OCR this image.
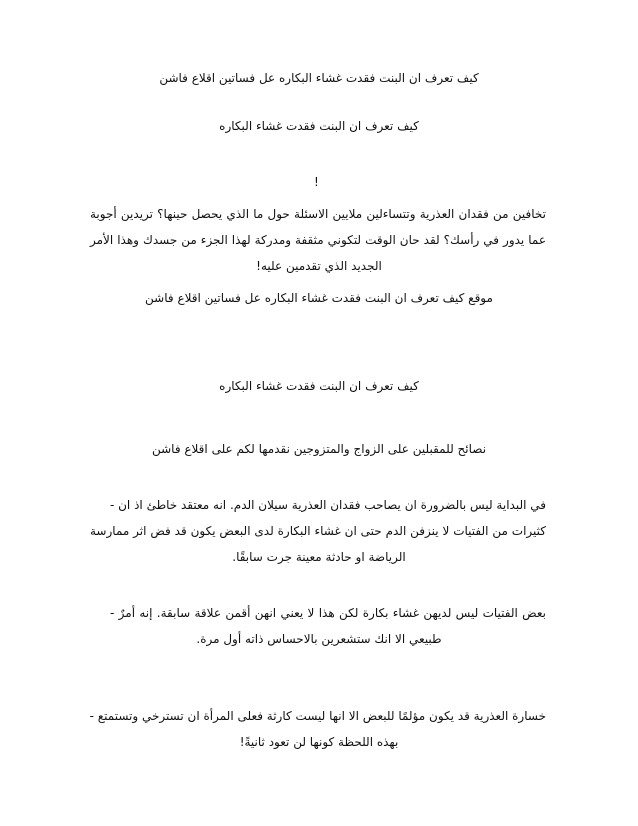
كيف تعرف ان البنت فقدت غشاء البكاره عل فساتين اقلاع فاشن
كيف تعرف ان البنت فقدت غشاء البكاره
!
تخافين من فقدان العذرية وتتساءلين ملايين الاسئلة حول ما الذي يحصل حينها؟ تريدين أجوبة
عما يدور في رأسك؟ لقد حان الوقت لتكوني مثقفة ومدركة لهذا الجزء من جسدك وهذا الأمر
الجديد الذي تقدمين عليه!
موقع كيف تعرف ان البنت فقدت غشاء البكاره عل فساتين اقلاع فاشن
كيف تعرف ان البنت فقدت غشاء البكاره
نصائح للمقبلين على الزواج والمتزوجين نقدمها لكم على اقلاع فاشن
في البداية ليس بالضرورة ان يصاحب فقدان العذرية سيلان الدم. انه معتقد خاطئ اذ ان -
كثيرات من الفتيات لا ينزفن الدم حتى ان غشاء البكارة لدى البعض يكون قد فض اثر ممارسة
الرياضة او حادثة معينة جرت سابقًا.
بعض الفتيات ليس لديهن غشاء بكارة لكن هذا لا يعني انهن أقمن علاقة سابقة. إنه أمرٌ -
طبيعي الا انك ستشعرين بالاحساس ذاته أول مرة.
خسارة العذرية قد يكون مؤلمًا للبعض الا انها ليست كارثة فعلى المرأة ان تسترخي وتستمتع -
بهذه اللحظة كونها لن تعود ثانيةً!
